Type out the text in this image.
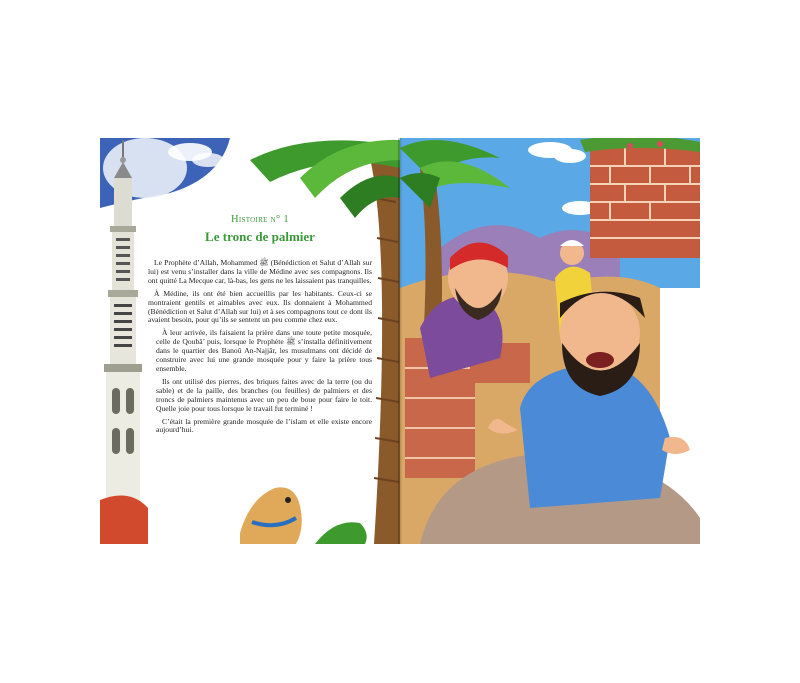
Histoire n° 1
Le tronc de palmier

Le Prophète d’Allah, Mohammed ﷺ (Bénédiction et Salut d’Allah sur lui) est venu s’installer dans la ville de Médine avec ses compagnons. Ils ont quitté La Mecque car, là-bas, les gens ne les laissaient pas tranquilles.

À Médine, ils ont été bien accueillis par les habitants. Ceux-ci se montraient gentils et aimables avec eux. Ils donnaient à Mohammed (Bénédiction et Salut d’Allah sur lui) et à ses compagnons tout ce dont ils avaient besoin, pour qu’ils se sentent un peu comme chez eux.

À leur arrivée, ils faisaient la prière dans une toute petite mosquée, celle de Qoubâ’ puis, lorsque le Prophète ﷺ s’installa définitivement dans le quartier des Banoû An-Najjâr, les musulmans ont décidé de construire avec lui une grande mosquée pour y faire la prière tous ensemble.

Ils ont utilisé des pierres, des briques faites avec de la terre (ou du sable) et de la paille, des branches (ou feuilles) de palmiers et des troncs de palmiers maintenus avec un peu de boue pour faire le toit. Quelle joie pour tous lorsque le travail fut terminé !

C’était la première grande mosquée de l’islam et elle existe encore aujourd’hui.
